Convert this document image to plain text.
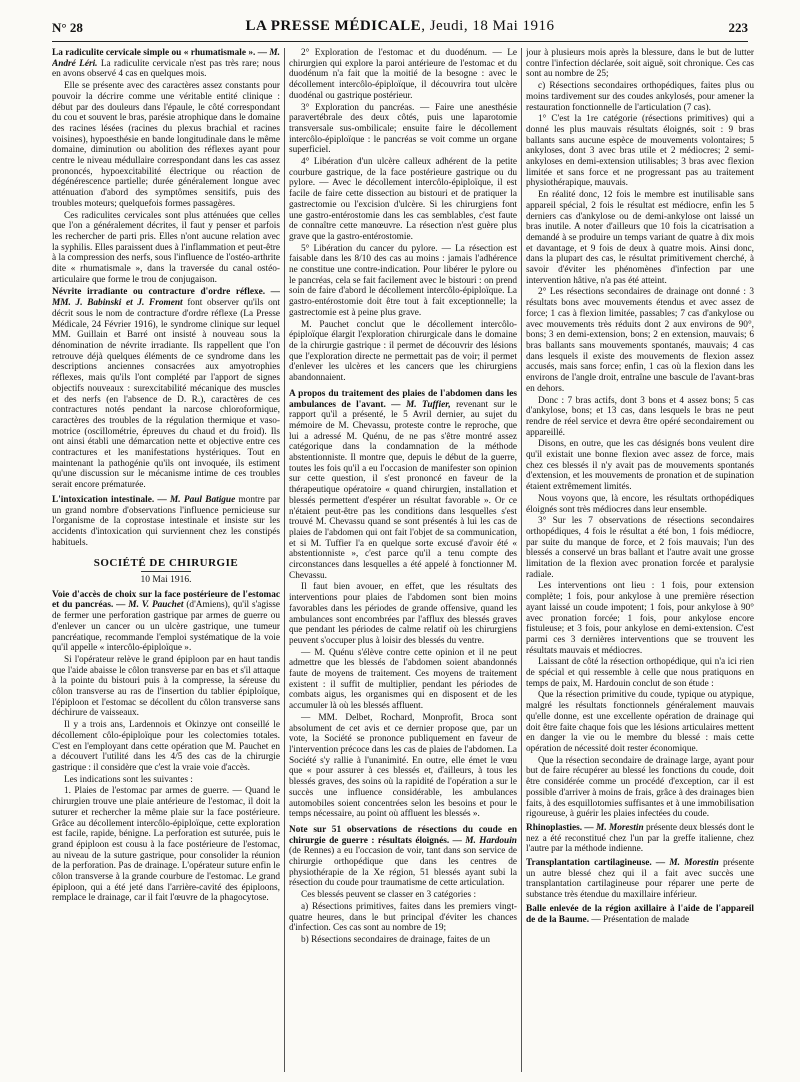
N° 28	LA PRESSE MÉDICALE, Jeudi, 18 Mai 1916	223

La radiculite cervicale simple ou « rhumatismale ». — M. André Léri. La radiculite cervicale n'est pas très rare; nous en avons observé 4 cas en quelques mois.

Elle se présente avec des caractères assez constants pour pouvoir la décrire comme une véritable entité clinique : début par des douleurs dans l'épaule, le côté correspondant du cou et souvent le bras, parésie atrophique dans le domaine des racines lésées (racines du plexus brachial et racines voisines), hypoesthésie en bande longitudinale dans le même domaine, diminution ou abolition des réflexes ayant pour centre le niveau médullaire correspondant dans les cas assez prononcés, hypoexcitabilité électrique ou réaction de dégénérescence partielle; durée généralement longue avec atténuation d'abord des symptômes sensitifs, puis des troubles moteurs; quelquefois formes passagères.

Ces radiculites cervicales sont plus atténuées que celles que l'on a généralement décrites, il faut y penser et parfois les rechercher de parti pris. Elles n'ont aucune relation avec la syphilis. Elles paraissent dues à l'inflammation et peut-être à la compression des nerfs, sous l'influence de l'ostéo-arthrite dite « rhumatismale », dans la traversée du canal ostéo-articulaire que forme le trou de conjugaison.

Névrite irradiante ou contracture d'ordre réflexe. — MM. J. Babinski et J. Froment font observer qu'ils ont décrit sous le nom de contracture d'ordre réflexe (La Presse Médicale, 24 Février 1916), le syndrome clinique sur lequel MM. Guillain et Barré ont insisté à nouveau sous la dénomination de névrite irradiante. Ils rappellent que l'on retrouve déjà quelques éléments de ce syndrome dans les descriptions anciennes consacrées aux amyotrophies réflexes, mais qu'ils l'ont complété par l'apport de signes objectifs nouveaux : surexcitabilité mécanique des muscles et des nerfs (en l'absence de D. R.), caractères de ces contractures notés pendant la narcose chloroformique, caractères des troubles de la régulation thermique et vaso-motrice (oscillométrie, épreuves du chaud et du froid). Ils ont ainsi établi une démarcation nette et objective entre ces contractures et les manifestations hystériques. Tout en maintenant la pathogénie qu'ils ont invoquée, ils estiment qu'une discussion sur le mécanisme intime de ces troubles serait encore prématurée.

L'intoxication intestinale. — M. Paul Batigue montre par un grand nombre d'observations l'influence pernicieuse sur l'organisme de la coprostase intestinale et insiste sur les accidents d'intoxication qui surviennent chez les constipés habituels.

SOCIÉTÉ DE CHIRURGIE
10 Mai 1916.

Voie d'accès de choix sur la face postérieure de l'estomac et du pancréas. — M. V. Pauchet (d'Amiens), qu'il s'agisse de fermer une perforation gastrique par armes de guerre ou d'enlever un cancer ou un ulcère gastrique, une tumeur pancréatique, recommande l'emploi systématique de la voie qu'il appelle « intercôlo-épiploïque ».

Si l'opérateur relève le grand épiploon par en haut tandis que l'aide abaisse le côlon transverse par en bas et s'il attaque à la pointe du bistouri puis à la compresse, la séreuse du côlon transverse au ras de l'insertion du tablier épiploïque, l'épiploon et l'estomac se décollent du côlon transverse sans déchirure de vaisseaux.

Il y a trois ans, Lardennois et Okinzye ont conseillé le décollement côlo-épiploïque pour les colectomies totales. C'est en l'employant dans cette opération que M. Pauchet en a découvert l'utilité dans les 4/5 des cas de la chirurgie gastrique : il considère que c'est la vraie voie d'accès.

Les indications sont les suivantes :

1. Plaies de l'estomac par armes de guerre. — Quand le chirurgien trouve une plaie antérieure de l'estomac, il doit la suturer et rechercher la même plaie sur la face postérieure. Grâce au décollement intercôlo-épiploïque, cette exploration est facile, rapide, bénigne. La perforation est suturée, puis le grand épiploon est cousu à la face postérieure de l'estomac, au niveau de la suture gastrique, pour consolider la réunion de la perforation. Pas de drainage. L'opérateur suture enfin le côlon transverse à la grande courbure de l'estomac. Le grand épiploon, qui a été jeté dans l'arrière-cavité des épiploons, remplace le drainage, car il fait l'œuvre de la phagocytose.

2° Exploration de l'estomac et du duodénum. — Le chirurgien qui explore la paroi antérieure de l'estomac et du duodénum n'a fait que la moitié de la besogne : avec le décollement intercôlo-épiploïque, il découvrira tout ulcère duodénal ou gastrique postérieur.

3° Exploration du pancréas. — Faire une anesthésie paravertébrale des deux côtés, puis une laparotomie transversale sus-ombilicale; ensuite faire le décollement intercôlo-épiploïque : le pancréas se voit comme un organe superficiel.

4° Libération d'un ulcère calleux adhérent de la petite courbure gastrique, de la face postérieure gastrique ou du pylore. — Avec le décollement intercôlo-épiploïque, il est facile de faire cette dissection au bistouri et de pratiquer la gastrectomie ou l'excision d'ulcère. Si les chirurgiens font une gastro-entérostomie dans les cas semblables, c'est faute de connaître cette manœuvre. La résection n'est guère plus grave que la gastro-entérostomie.

5° Libération du cancer du pylore. — La résection est faisable dans les 8/10 des cas au moins : jamais l'adhérence ne constitue une contre-indication. Pour libérer le pylore ou le pancréas, cela se fait facilement avec le bistouri : on prend soin de faire d'abord le décollement intercôlo-épiploïque. La gastro-entérostomie doit être tout à fait exceptionnelle; la gastrectomie est à peine plus grave.

M. Pauchet conclut que le décollement intercôlo-épiploïque élargit l'exploration chirurgicale dans le domaine de la chirurgie gastrique : il permet de découvrir des lésions que l'exploration directe ne permettait pas de voir; il permet d'enlever les ulcères et les cancers que les chirurgiens abandonnaient.

A propos du traitement des plaies de l'abdomen dans les ambulances de l'avant. — M. Tuffier, revenant sur le rapport qu'il a présenté, le 5 Avril dernier, au sujet du mémoire de M. Chevassu, proteste contre le reproche, que lui a adressé M. Quénu, de ne pas s'être montré assez catégorique dans la condamnation de la méthode abstentionniste. Il montre que, depuis le début de la guerre, toutes les fois qu'il a eu l'occasion de manifester son opinion sur cette question, il s'est prononcé en faveur de la thérapeutique opératoire « quand chirurgien, installation et blessés permettent d'espérer un résultat favorable ». Or ce n'étaient peut-être pas les conditions dans lesquelles s'est trouvé M. Chevassu quand se sont présentés à lui les cas de plaies de l'abdomen qui ont fait l'objet de sa communication, et si M. Tuffier l'a en quelque sorte excusé d'avoir été « abstentionniste », c'est parce qu'il a tenu compte des circonstances dans lesquelles a été appelé à fonctionner M. Chevassu.

Il faut bien avouer, en effet, que les résultats des interventions pour plaies de l'abdomen sont bien moins favorables dans les périodes de grande offensive, quand les ambulances sont encombrées par l'afflux des blessés graves que pendant les périodes de calme relatif où les chirurgiens peuvent s'occuper plus à loisir des blessés du ventre.

— M. Quénu s'élève contre cette opinion et il ne peut admettre que les blessés de l'abdomen soient abandonnés faute de moyens de traitement. Ces moyens de traitement existent : il suffit de multiplier, pendant les périodes de combats aigus, les organismes qui en disposent et de les accumuler là où les blessés affluent.

— MM. Delbet, Rochard, Monprofit, Broca sont absolument de cet avis et ce dernier propose que, par un vote, la Société se prononce publiquement en faveur de l'intervention précoce dans les cas de plaies de l'abdomen. La Société s'y rallie à l'unanimité. En outre, elle émet le vœu que « pour assurer à ces blessés et, d'ailleurs, à tous les blessés graves, des soins où la rapidité de l'opération a sur le succès une influence considérable, les ambulances automobiles soient concentrées selon les besoins et pour le temps nécessaire, au point où affluent les blessés ».

Note sur 51 observations de résections du coude en chirurgie de guerre : résultats éloignés. — M. Hardouin (de Rennes) a eu l'occasion de voir, tant dans son service de chirurgie orthopédique que dans les centres de physiothérapie de la Xe région, 51 blessés ayant subi la résection du coude pour traumatisme de cette articulation.

Ces blessés peuvent se classer en 3 catégories :

a) Résections primitives, faites dans les premiers vingt-quatre heures, dans le but principal d'éviter les chances d'infection. Ces cas sont au nombre de 19;

b) Résections secondaires de drainage, faites de un

jour à plusieurs mois après la blessure, dans le but de lutter contre l'infection déclarée, soit aiguë, soit chronique. Ces cas sont au nombre de 25;

c) Résections secondaires orthopédiques, faites plus ou moins tardivement sur des coudes ankylosés, pour amener la restauration fonctionnelle de l'articulation (7 cas).

1° C'est la 1re catégorie (résections primitives) qui a donné les plus mauvais résultats éloignés, soit : 9 bras ballants sans aucune espèce de mouvements volontaires; 5 ankyloses, dont 3 avec bras utile et 2 médiocres; 2 semi-ankyloses en demi-extension utilisables; 3 bras avec flexion limitée et sans force et ne progressant pas au traitement physiothérapique, mauvais.

En réalité donc, 12 fois le membre est inutilisable sans appareil spécial, 2 fois le résultat est médiocre, enfin les 5 derniers cas d'ankylose ou de demi-ankylose ont laissé un bras inutile. A noter d'ailleurs que 10 fois la cicatrisation a demandé à se produire un temps variant de quatre à dix mois et davantage, et 9 fois de deux à quatre mois. Ainsi donc, dans la plupart des cas, le résultat primitivement cherché, à savoir d'éviter les phénomènes d'infection par une intervention hâtive, n'a pas été atteint.

2° Les résections secondaires de drainage ont donné : 3 résultats bons avec mouvements étendus et avec assez de force; 1 cas à flexion limitée, passables; 7 cas d'ankylose ou avec mouvements très réduits dont 2 aux environs de 90°, bons; 3 en demi-extension, bons; 2 en extension, mauvais; 6 bras ballants sans mouvements spontanés, mauvais; 4 cas dans lesquels il existe des mouvements de flexion assez accusés, mais sans force; enfin, 1 cas où la flexion dans les environs de l'angle droit, entraîne une bascule de l'avant-bras en dehors.

Donc : 7 bras actifs, dont 3 bons et 4 assez bons; 5 cas d'ankylose, bons; et 13 cas, dans lesquels le bras ne peut rendre de réel service et devra être opéré secondairement ou appareillé.

Disons, en outre, que les cas désignés bons veulent dire qu'il existait une bonne flexion avec assez de force, mais chez ces blessés il n'y avait pas de mouvements spontanés d'extension, et les mouvements de pronation et de supination étaient extrêmement limités.

Nous voyons que, là encore, les résultats orthopédiques éloignés sont très médiocres dans leur ensemble.

3° Sur les 7 observations de résections secondaires orthopédiques, 4 fois le résultat a été bon, 1 fois médiocre, par suite du manque de force, et 2 fois mauvais; l'un des blessés a conservé un bras ballant et l'autre avait une grosse limitation de la flexion avec pronation forcée et paralysie radiale.

Les interventions ont lieu : 1 fois, pour extension complète; 1 fois, pour ankylose à une première résection ayant laissé un coude impotent; 1 fois, pour ankylose à 90° avec pronation forcée; 1 fois, pour ankylose encore fistuleuse; et 3 fois, pour ankylose en demi-extension. C'est parmi ces 3 dernières interventions que se trouvent les résultats mauvais et médiocres.

Laissant de côté la résection orthopédique, qui n'a ici rien de spécial et qui ressemble à celle que nous pratiquons en temps de paix, M. Hardouin conclut de son étude :

Que la résection primitive du coude, typique ou atypique, malgré les résultats fonctionnels généralement mauvais qu'elle donne, est une excellente opération de drainage qui doit être faite chaque fois que les lésions articulaires mettent en danger la vie ou le membre du blessé : mais cette opération de nécessité doit rester économique.

Que la résection secondaire de drainage large, ayant pour but de faire récupérer au blessé les fonctions du coude, doit être considérée comme un procédé d'exception, car il est possible d'arriver à moins de frais, grâce à des drainages bien faits, à des esquillotomies suffisantes et à une immobilisation rigoureuse, à guérir les plaies infectées du coude.

Rhinoplasties. — M. Morestin présente deux blessés dont le nez a été reconstitué chez l'un par la greffe italienne, chez l'autre par la méthode indienne.

Transplantation cartilagineuse. — M. Morestin présente un autre blessé chez qui il a fait avec succès une transplantation cartilagineuse pour réparer une perte de substance très étendue du maxillaire inférieur.

Balle enlevée de la région axillaire à l'aide de l'appareil de de la Baume. — Présentation de malade
